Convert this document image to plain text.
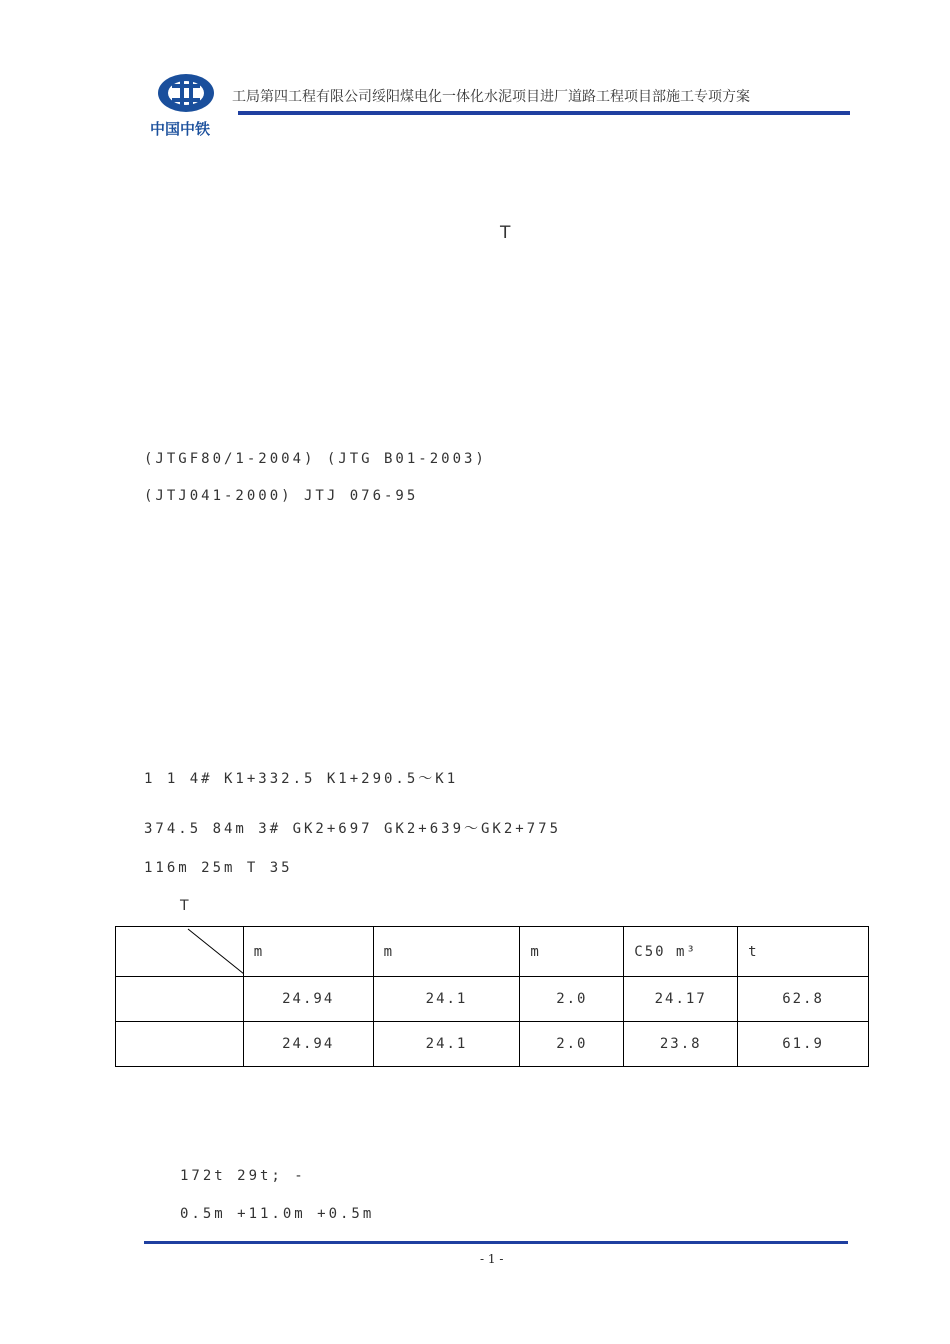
中国中铁
工局第四工程有限公司绥阳煤电化一体化水泥项目进厂道路工程项目部施工专项方案
T
(JTGF80/1-2004) (JTG B01-2003)
(JTJ041-2000) JTJ 076-95
1 1 4# K1+332.5 K1+290.5～K1
374.5 84m 3# GK2+697 GK2+639～GK2+775
116m 25m T 35
T
	m	m	m	C50 m³	t
	24.94	24.1	2.0	24.17	62.8
	24.94	24.1	2.0	23.8	61.9
172t 29t; -
0.5m +11.0m +0.5m
- 1 -
